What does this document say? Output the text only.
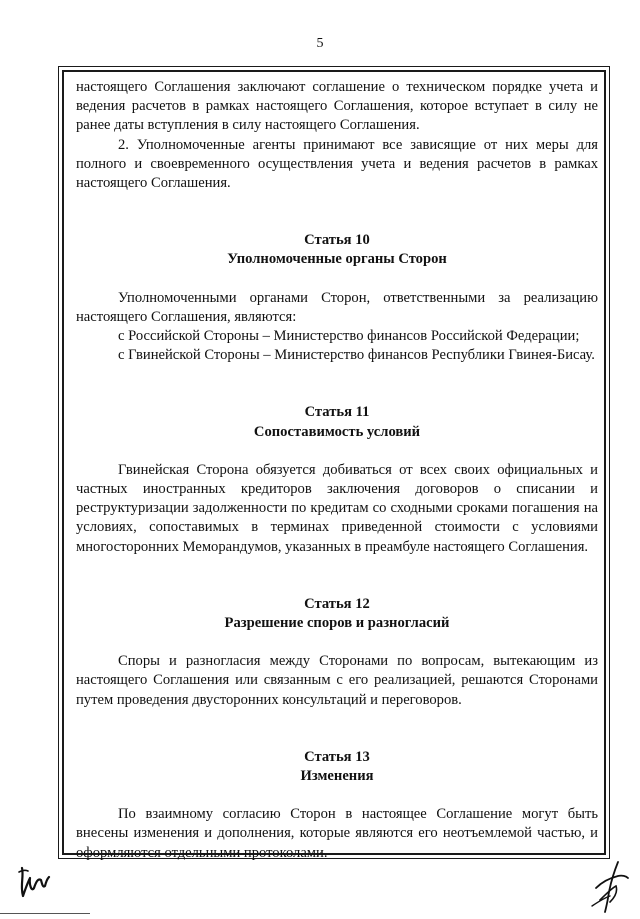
5

настоящего Соглашения заключают соглашение о техническом порядке учета и ведения расчетов в рамках настоящего Соглашения, которое вступает в силу не ранее даты вступления в силу настоящего Соглашения.

2. Уполномоченные агенты принимают все зависящие от них меры для полного и своевременного осуществления учета и ведения расчетов в рамках настоящего Соглашения.

Статья 10

Уполномоченные органы Сторон

Уполномоченными органами Сторон, ответственными за реализацию настоящего Соглашения, являются:

с Российской Стороны – Министерство финансов Российской Федерации;

с Гвинейской Стороны – Министерство финансов Республики Гвинея-Бисау.

Статья 11

Сопоставимость условий

Гвинейская Сторона обязуется добиваться от всех своих официальных и частных иностранных кредиторов заключения договоров о списании и реструктуризации задолженности по кредитам со сходными сроками погашения на условиях, сопоставимых в терминах приведенной стоимости с условиями многосторонних Меморандумов, указанных в преамбуле настоящего Соглашения.

Статья 12

Разрешение споров и разногласий

Споры и разногласия между Сторонами по вопросам, вытекающим из настоящего Соглашения или связанным с его реализацией, решаются Сторонами путем проведения двусторонних консультаций и переговоров.

Статья 13

Изменения

По взаимному согласию Сторон в настоящее Соглашение могут быть внесены изменения и дополнения, которые являются его неотъемлемой частью, и оформляются отдельными протоколами.
